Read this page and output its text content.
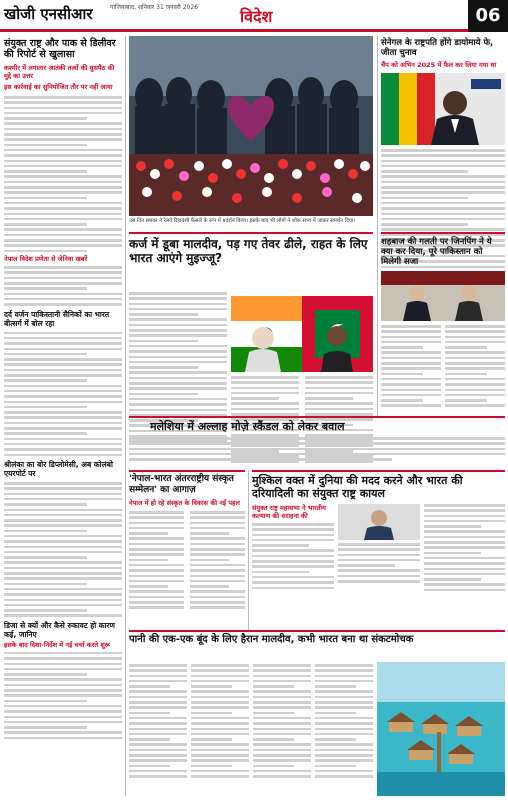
खोजी एनसीआर	गाजियाबाद, शनिवार 31 जनवरी 2026	विदेश	06
संयुक्त राष्ट्र और पाक से डिलीवर की रिपोर्ट से खुलासा
कश्मीर में लगातार आतंकी तत्वों की घुसपैठ की मुद्दे का उत्तर
इस कार्रवाई का सुनियोजित तौर पर नहीं आया
नेपाल विदेश प्रणेता से जेनिवा खबरें
दर्द वर्जन पाकिस्तानी सैनिकों का भारत बीत्सर्ग में बोल रहा
श्रीलंका का बोर डिप्लोमेसी, अब कोलंबो एयरपोर्ट पर
डिजा से क्यों और कैसे रुकावट हो कारण कई, जानिए
इसके बाद दिशा-निर्देश में नई चर्चा करते शुरू
उस दिन सबका ने रेलवे रिहायशी फैसले के रूप में प्रदर्शन किया। इसके बाद भी लोगों ने शोक सभा में जाकर समर्थन दिया।
सेनेगल के राष्ट्रपति होंगे डायोमाये फे, जीता चुनाव
चैंप को अभिन 2025 में फैल कर लिया गया था
कर्ज में डूबा मालदीव, पड़ गए तेवर ढीले, राहत के लिए भारत आएंगे मुइज्जू?
शहबाज की गलती पर जिनपिंग ने ये क्या कर दिया, पूरे पाकिस्तान को मिलेगी सजा
मलेशिया में अल्लाह मोज़े स्कैंडल को लेकर बवाल
'नेपाल-भारत अंतरराष्ट्रीय संस्कृत सम्मेलन' का आगाज़
नेपाल में हो रहे संस्कृत के विकास की नई पहल
मुश्किल वक्त में दुनिया की मदद करने और भारत की दरियादिली का संयुक्त राष्ट्र कायल
संयुक्त राष्ट्र महासभा ने भारतीय कल्याण की सराहना की
पानी की एक-एक बूंद के लिए हैरान मालदीव, कभी भारत बना था संकटमोचक
